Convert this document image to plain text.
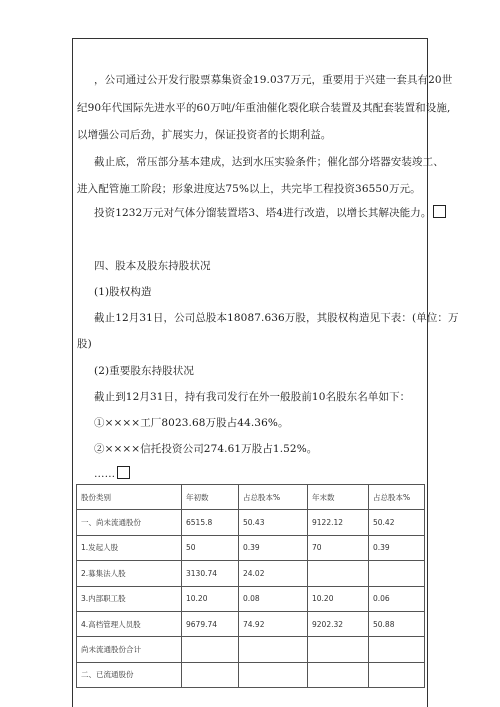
，公司通过公开发行股票募集资金19.037万元，重要用于兴建一套具有20世
纪90年代国际先进水平的60万吨/年重油催化裂化联合装置及其配套装置和设施,
以增强公司后劲，扩展实力，保证投资者的长期利益。
截止底，常压部分基本建成，达到水压实验条件；催化部分塔器安装竣工、
进入配管施工阶段；形象进度达75%以上，共完毕工程投资36550万元。
投资1232万元对气体分馏装置塔3、塔4进行改造，以增长其解决能力。
四、股本及股东持股状况
(1)股权构造
截止12月31日，公司总股本18087.636万股，其股权构造见下表：(单位：万
股)
(2)重要股东持股状况
截止到12月31日，持有我司发行在外一般股前10名股东名单如下：
①××××工厂8023.68万股占44.36%。
②××××信托投资公司274.61万股占1.52%。
……
股份类别	年初数	占总股本%	年末数	占总股本%
一、尚未流通股份	6515.8	50.43	9122.12	50.42
1.发起人股	50	0.39	70	0.39
2.募集法人股	3130.74	24.02		
3.内部职工股	10.20	0.08	10.20	0.06
4.高档管理人员股	9679.74	74.92	9202.32	50.88
尚未流通股份合计				
二、已流通股份				
